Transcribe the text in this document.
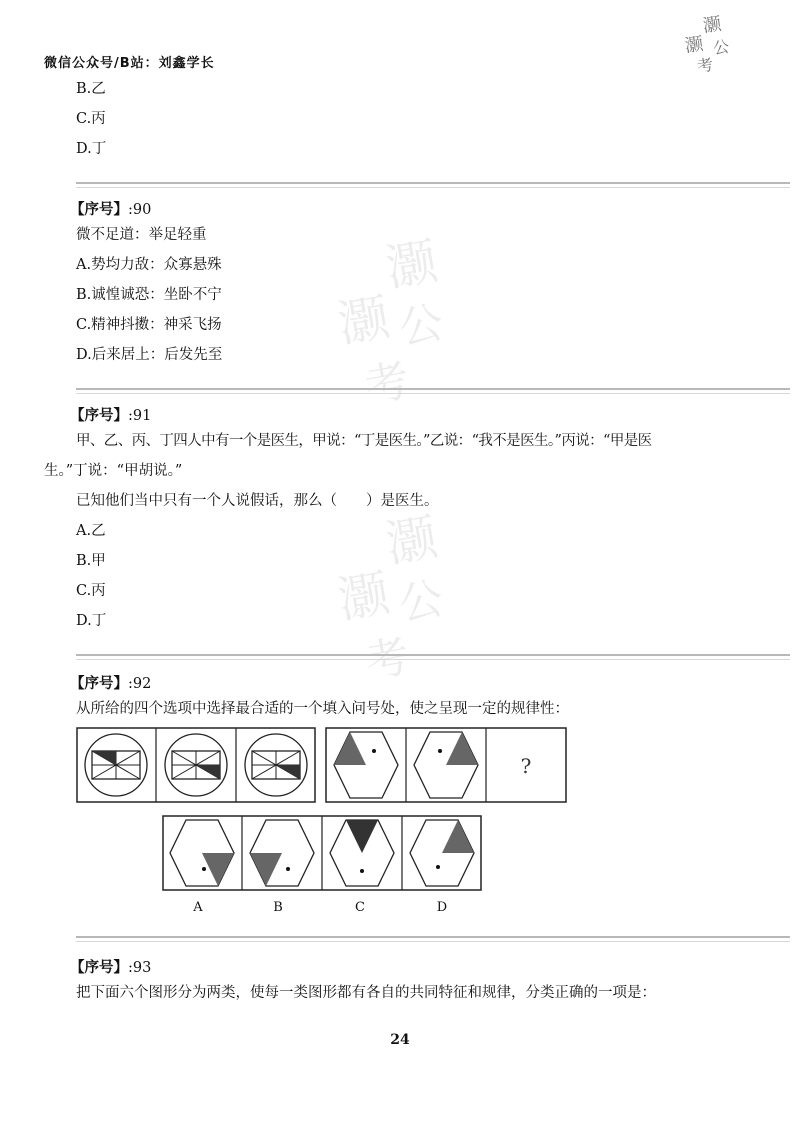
微信公众号/B站：刘鑫学长
灏
灏 公
考
灏
灏 公
考
灏
灏 公
考
B.乙
C.丙
D.丁
【序号】:90
微不足道：举足轻重
A.势均力敌：众寡悬殊
B.诚惶诚恐：坐卧不宁
C.精神抖擞：神采飞扬
D.后来居上：后发先至
【序号】:91
甲、乙、丙、丁四人中有一个是医生，甲说：“丁是医生。”乙说：“我不是医生。”丙说：“甲是医
生。”丁说：“甲胡说。”
已知他们当中只有一个人说假话，那么（　　）是医生。
A.乙
B.甲
C.丙
D.丁
【序号】:92
从所给的四个选项中选择最合适的一个填入问号处，使之呈现一定的规律性：
?
A	B	C	D
【序号】:93
把下面六个图形分为两类，使每一类图形都有各自的共同特征和规律，分类正确的一项是：
24
